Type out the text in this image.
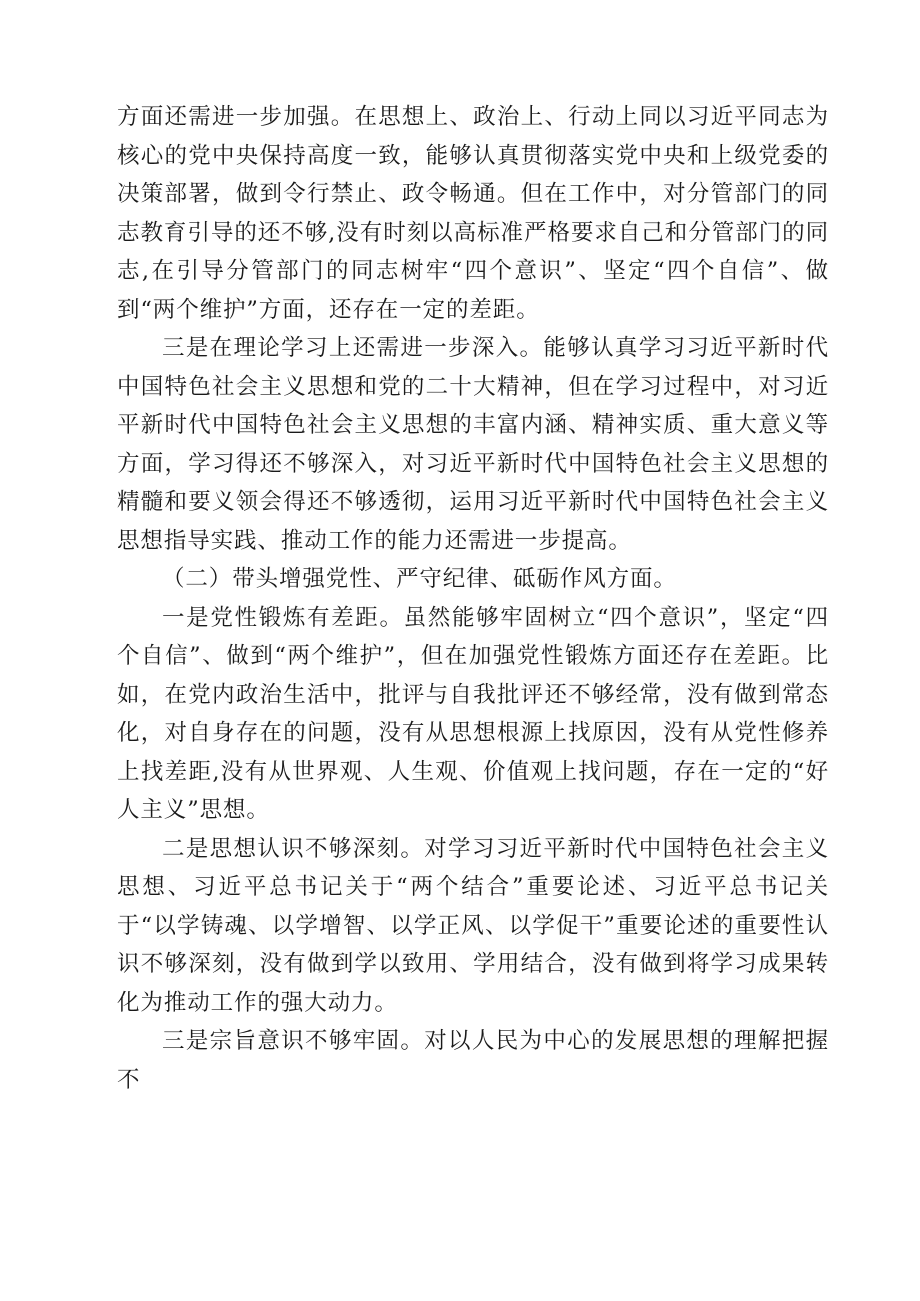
方面还需进一步加强。在思想上、政治上、行动上同以习近平同志为核心的党中央保持高度一致，能够认真贯彻落实党中央和上级党委的决策部署，做到令行禁止、政令畅通。但在工作中，对分管部门的同志教育引导的还不够,没有时刻以高标准严格要求自己和分管部门的同志,在引导分管部门的同志树牢“四个意识”、坚定“四个自信”、做到“两个维护”方面，还存在一定的差距。

三是在理论学习上还需进一步深入。能够认真学习习近平新时代中国特色社会主义思想和党的二十大精神，但在学习过程中，对习近平新时代中国特色社会主义思想的丰富内涵、精神实质、重大意义等方面，学习得还不够深入，对习近平新时代中国特色社会主义思想的精髓和要义领会得还不够透彻，运用习近平新时代中国特色社会主义思想指导实践、推动工作的能力还需进一步提高。

（二）带头增强党性、严守纪律、砥砺作风方面。

一是党性锻炼有差距。虽然能够牢固树立“四个意识”，坚定“四个自信”、做到“两个维护”，但在加强党性锻炼方面还存在差距。比如，在党内政治生活中，批评与自我批评还不够经常，没有做到常态化，对自身存在的问题，没有从思想根源上找原因，没有从党性修养上找差距,没有从世界观、人生观、价值观上找问题，存在一定的“好人主义”思想。

二是思想认识不够深刻。对学习习近平新时代中国特色社会主义思想、习近平总书记关于“两个结合”重要论述、习近平总书记关于“以学铸魂、以学增智、以学正风、以学促干”重要论述的重要性认识不够深刻，没有做到学以致用、学用结合，没有做到将学习成果转化为推动工作的强大动力。

三是宗旨意识不够牢固。对以人民为中心的发展思想的理解把握不
